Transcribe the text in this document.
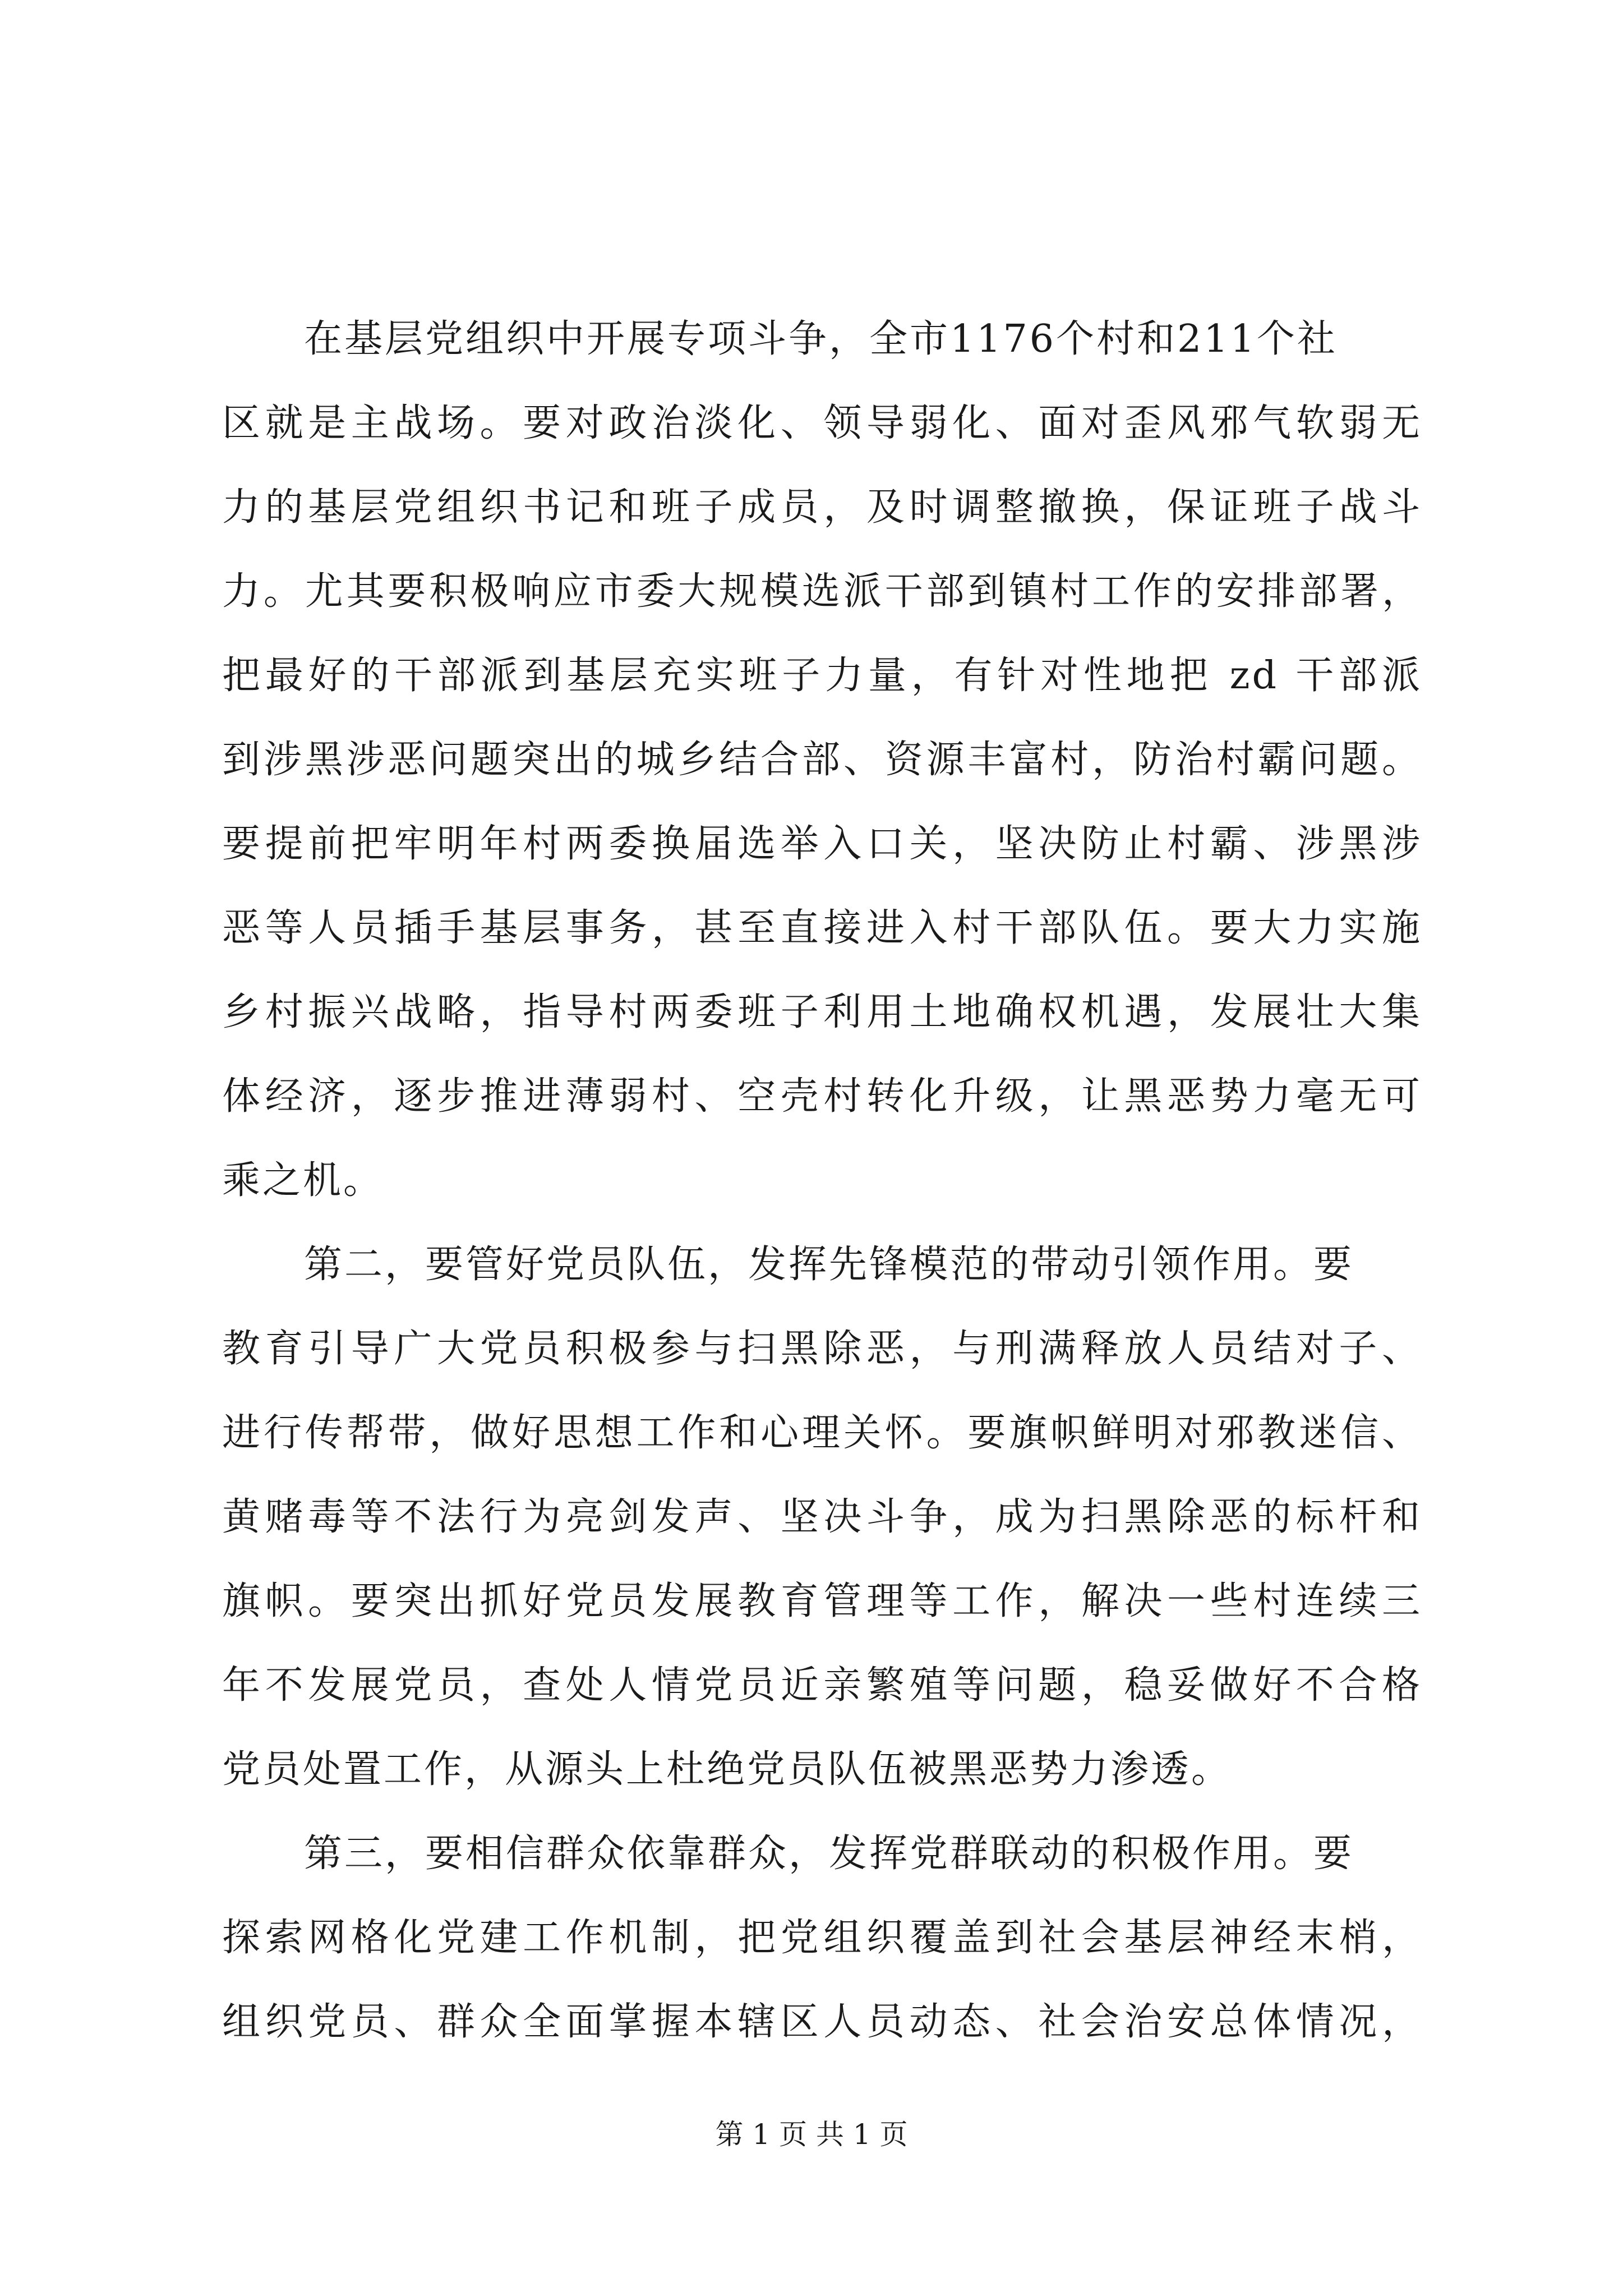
在基层党组织中开展专项斗争，全市1176个村和211个社
区就是主战场。要对政治淡化、领导弱化、面对歪风邪气软弱无
力的基层党组织书记和班子成员，及时调整撤换，保证班子战斗
力。尤其要积极响应市委大规模选派干部到镇村工作的安排部署，
把最好的干部派到基层充实班子力量，有针对性地把 zd 干部派
到涉黑涉恶问题突出的城乡结合部、资源丰富村，防治村霸问题。
要提前把牢明年村两委换届选举入口关，坚决防止村霸、涉黑涉
恶等人员插手基层事务，甚至直接进入村干部队伍。要大力实施
乡村振兴战略，指导村两委班子利用土地确权机遇，发展壮大集
体经济，逐步推进薄弱村、空壳村转化升级，让黑恶势力毫无可
乘之机。
第二，要管好党员队伍，发挥先锋模范的带动引领作用。要
教育引导广大党员积极参与扫黑除恶，与刑满释放人员结对子、
进行传帮带，做好思想工作和心理关怀。要旗帜鲜明对邪教迷信、
黄赌毒等不法行为亮剑发声、坚决斗争，成为扫黑除恶的标杆和
旗帜。要突出抓好党员发展教育管理等工作，解决一些村连续三
年不发展党员，查处人情党员近亲繁殖等问题，稳妥做好不合格
党员处置工作，从源头上杜绝党员队伍被黑恶势力渗透。
第三，要相信群众依靠群众，发挥党群联动的积极作用。要
探索网格化党建工作机制，把党组织覆盖到社会基层神经末梢，
组织党员、群众全面掌握本辖区人员动态、社会治安总体情况，
第 1 页 共 1 页
